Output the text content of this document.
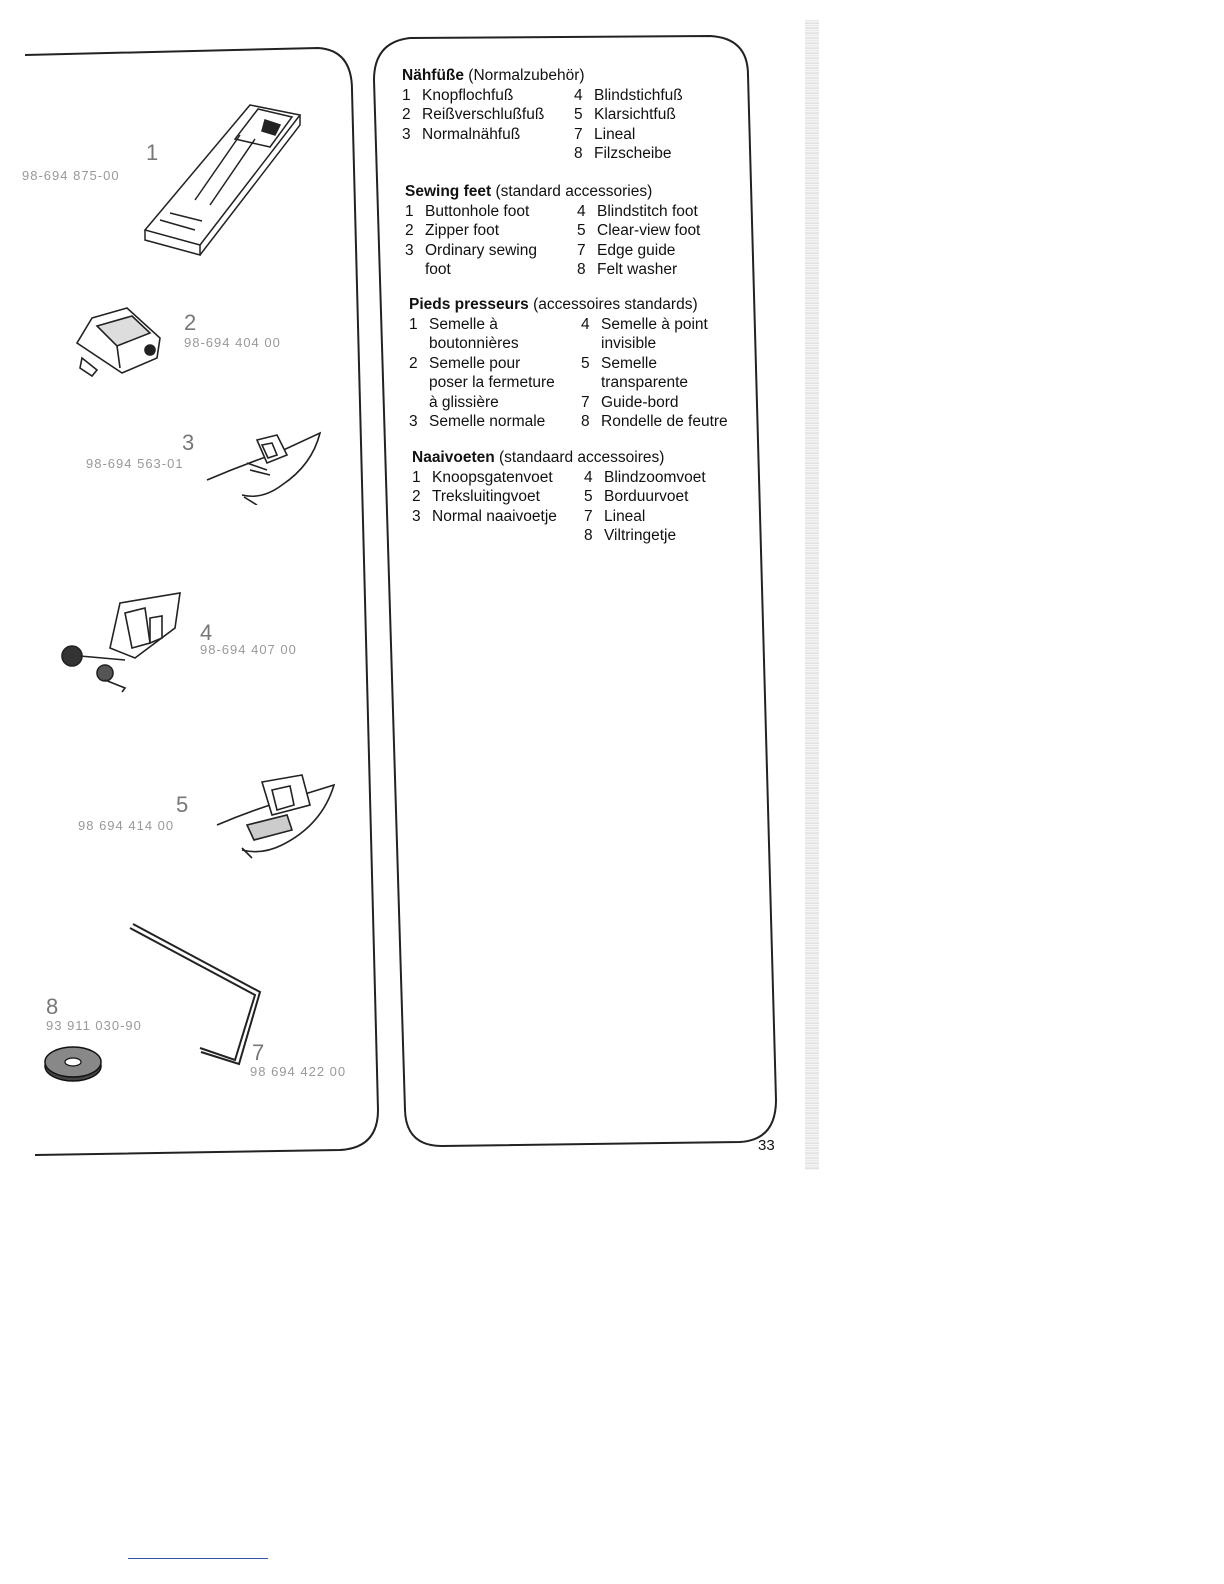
1
98-694 875-00
2
98-694 404 00
3
98-694 563-01
4
98-694 407 00
5
98 694 414 00
7
98 694 422 00
8
93 911 030-90
Nähfüße (Normalzubehör)
1	Knopflochfuß	4	Blindstichfuß
2	Reißverschlußfuß	5	Klarsichtfuß
3	Normalnähfuß	7	Lineal
		8	Filzscheibe
Sewing feet (standard accessories)
1	Buttonhole foot	4	Blindstitch foot
2	Zipper foot	5	Clear-view foot
3	Ordinary sewing	7	Edge guide
	foot	8	Felt washer
Pieds presseurs (accessoires standards)
1	Semelle à	4	Semelle à point
	boutonnières		invisible
2	Semelle pour	5	Semelle
	poser la fermeture		transparente
	à glissière	7	Guide-bord
3	Semelle normale	8	Rondelle de feutre
Naaivoeten (standaard accessoires)
1	Knoopsgatenvoet	4	Blindzoomvoet
2	Treksluitingvoet	5	Borduurvoet
3	Normal naaivoetje	7	Lineal
		8	Viltringetje
33
